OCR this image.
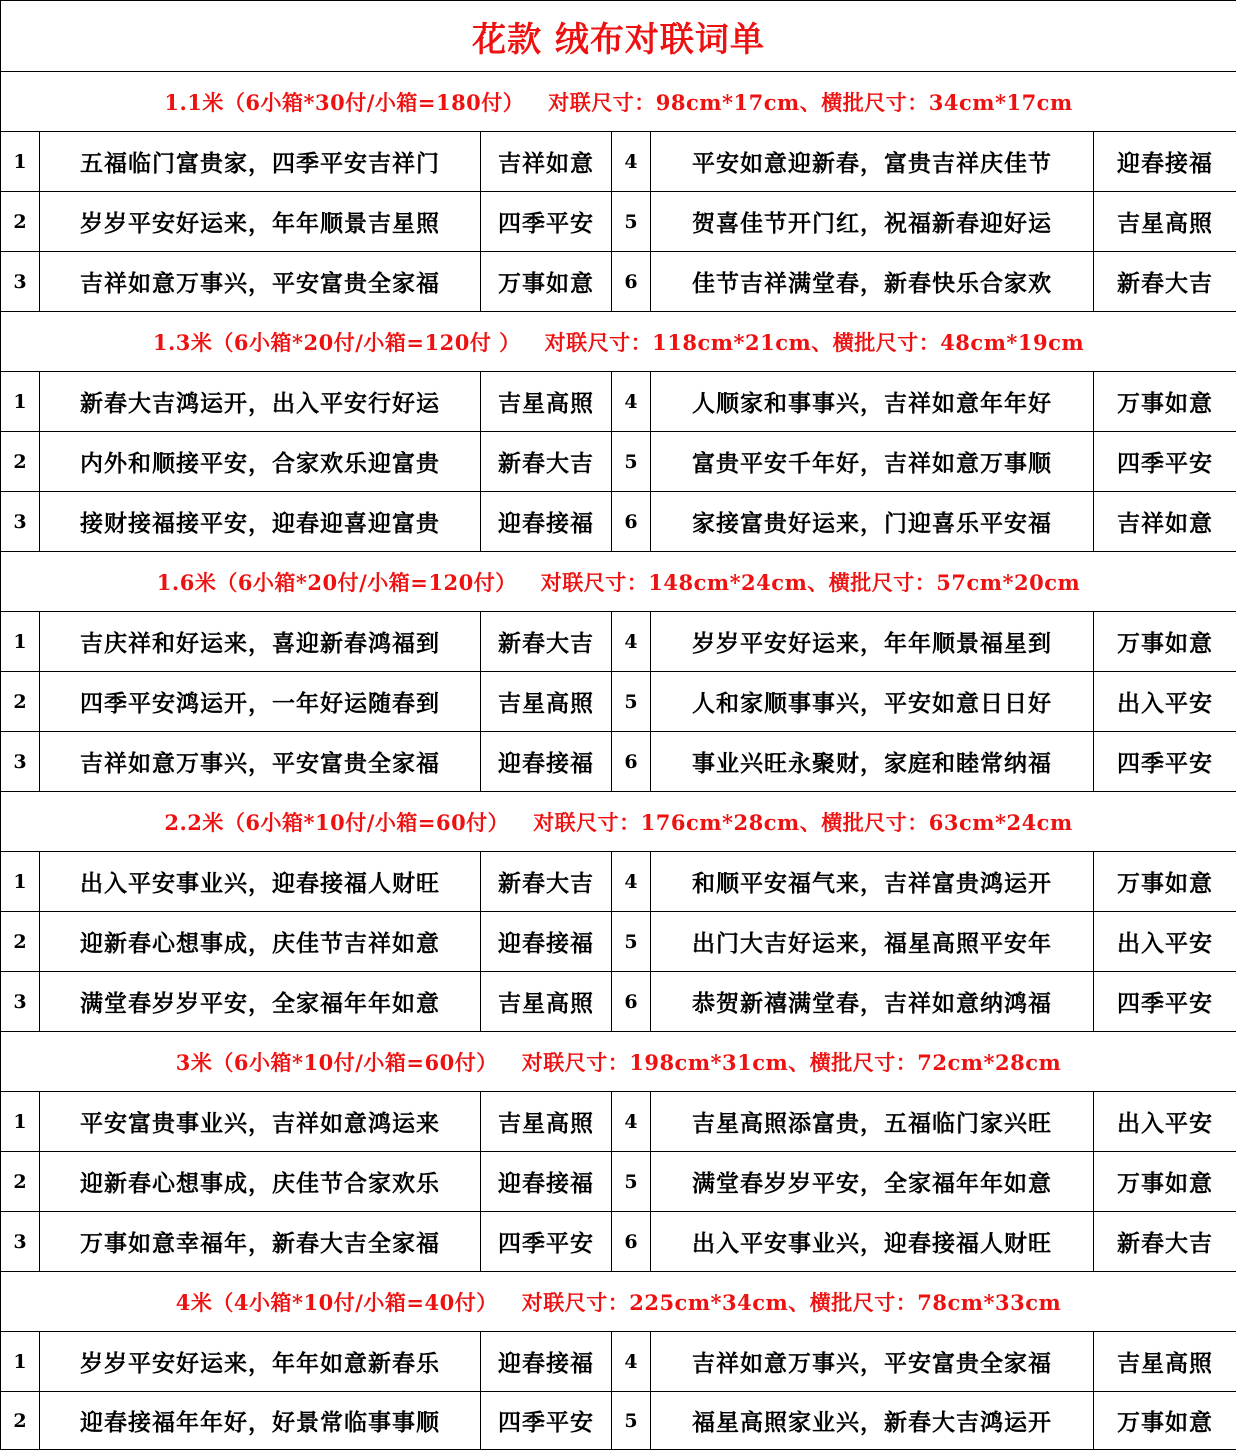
花款 绒布对联词单					
1.1米（6小箱*30付/小箱=180付） 对联尺寸：98cm*17cm、横批尺寸：34cm*17cm					
1	五福临门富贵家，四季平安吉祥门	吉祥如意	4	平安如意迎新春，富贵吉祥庆佳节	迎春接福
2	岁岁平安好运来，年年顺景吉星照	四季平安	5	贺喜佳节开门红，祝福新春迎好运	吉星高照
3	吉祥如意万事兴，平安富贵全家福	万事如意	6	佳节吉祥满堂春，新春快乐合家欢	新春大吉
1.3米（6小箱*20付/小箱=120付 ） 对联尺寸：118cm*21cm、横批尺寸：48cm*19cm					
1	新春大吉鸿运开，出入平安行好运	吉星高照	4	人顺家和事事兴，吉祥如意年年好	万事如意
2	内外和顺接平安，合家欢乐迎富贵	新春大吉	5	富贵平安千年好，吉祥如意万事顺	四季平安
3	接财接福接平安，迎春迎喜迎富贵	迎春接福	6	家接富贵好运来，门迎喜乐平安福	吉祥如意
1.6米（6小箱*20付/小箱=120付） 对联尺寸：148cm*24cm、横批尺寸：57cm*20cm					
1	吉庆祥和好运来，喜迎新春鸿福到	新春大吉	4	岁岁平安好运来，年年顺景福星到	万事如意
2	四季平安鸿运开，一年好运随春到	吉星高照	5	人和家顺事事兴，平安如意日日好	出入平安
3	吉祥如意万事兴，平安富贵全家福	迎春接福	6	事业兴旺永聚财，家庭和睦常纳福	四季平安
2.2米（6小箱*10付/小箱=60付） 对联尺寸：176cm*28cm、横批尺寸：63cm*24cm					
1	出入平安事业兴，迎春接福人财旺	新春大吉	4	和顺平安福气来，吉祥富贵鸿运开	万事如意
2	迎新春心想事成，庆佳节吉祥如意	迎春接福	5	出门大吉好运来，福星高照平安年	出入平安
3	满堂春岁岁平安，全家福年年如意	吉星高照	6	恭贺新禧满堂春，吉祥如意纳鸿福	四季平安
3米（6小箱*10付/小箱=60付） 对联尺寸：198cm*31cm、横批尺寸：72cm*28cm					
1	平安富贵事业兴，吉祥如意鸿运来	吉星高照	4	吉星高照添富贵，五福临门家兴旺	出入平安
2	迎新春心想事成，庆佳节合家欢乐	迎春接福	5	满堂春岁岁平安，全家福年年如意	万事如意
3	万事如意幸福年，新春大吉全家福	四季平安	6	出入平安事业兴，迎春接福人财旺	新春大吉
4米（4小箱*10付/小箱=40付） 对联尺寸：225cm*34cm、横批尺寸：78cm*33cm					
1	岁岁平安好运来，年年如意新春乐	迎春接福	4	吉祥如意万事兴，平安富贵全家福	吉星高照
2	迎春接福年年好，好景常临事事顺	四季平安	5	福星高照家业兴，新春大吉鸿运开	万事如意
